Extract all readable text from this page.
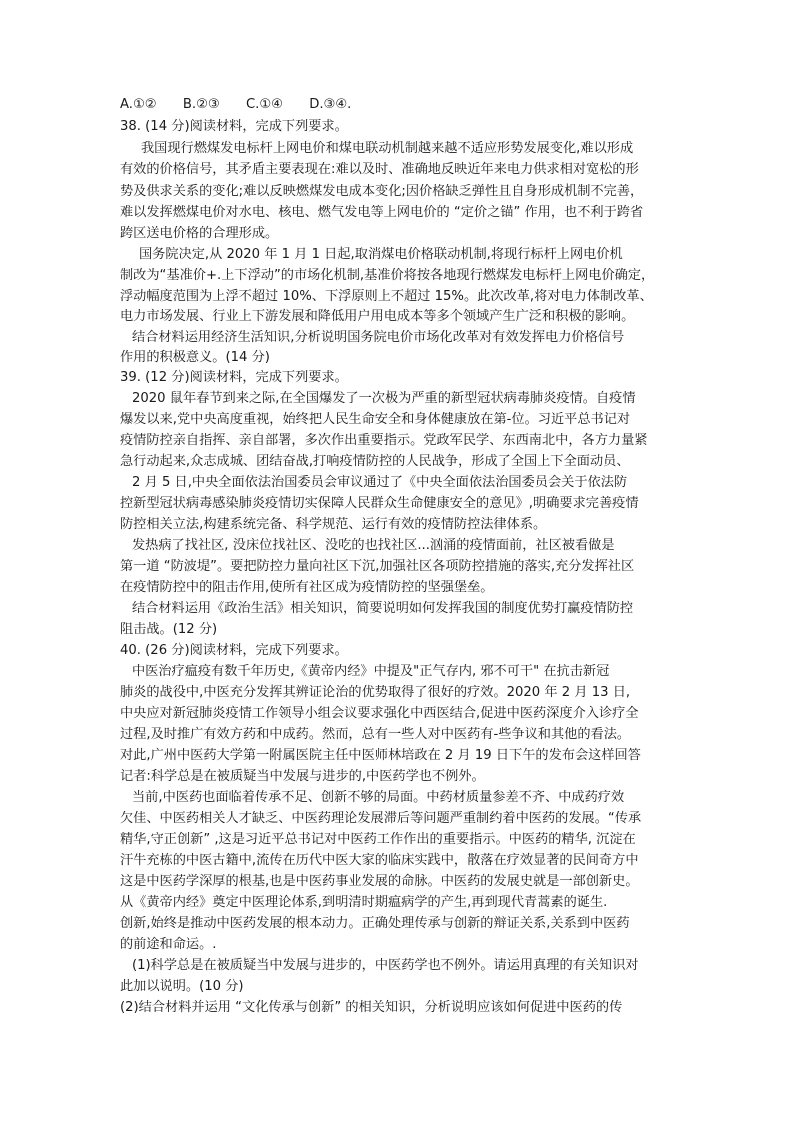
A.①② B.②③ C.①④ D.③④.
38. (14 分)阅读材料，完成下列要求。
我国现行燃煤发电标杆上网电价和煤电联动机制越来越不适应形势发展变化,难以形成
有效的价格信号，其矛盾主要表现在:难以及时、准确地反映近年来电力供求相对宽松的形
势及供求关系的变化;难以反映燃煤发电成本变化;因价格缺乏弹性且自身形成机制不完善，
难以发挥燃煤电价对水电、核电、燃气发电等上网电价的 “定价之锚” 作用，也不利于跨省
跨区送电价格的合理形成。
国务院决定,从 2020 年 1 月 1 日起,取消煤电价格联动机制,将现行标杆上网电价机
制改为“基准价+.上下浮动”的市场化机制,基准价将按各地现行燃煤发电标杆上网电价确定，
浮动幅度范围为上浮不超过 10%、下浮原则上不超过 15%。此次改革,将对电力体制改革、
电力市场发展、行业上下游发展和降低用户用电成本等多个领域产生广泛和积极的影响。
结合材料运用经济生活知识,分析说明国务院电价市场化改革对有效发挥电力价格信号
作用的积极意义。(14 分)
39. (12 分)阅读材料，完成下列要求。
2020 鼠年春节到来之际,在全国爆发了一次极为严重的新型冠状病毒肺炎疫情。自疫情
爆发以来,党中央高度重视，始终把人民生命安全和身体健康放在第-位。习近平总书记对
疫情防控亲自指挥、亲自部署，多次作出重要指示。党政军民学、东西南北中，各方力量紧
急行动起来,众志成城、团结奋战,打响疫情防控的人民战争，形成了全国上下全面动员、
2 月 5 日,中央全面依法治国委员会审议通过了《中央全面依法治国委员会关于依法防
控新型冠状病毒感染肺炎疫情切实保障人民群众生命健康安全的意见》,明确要求完善疫情
防控相关立法,构建系统完备、科学规范、运行有效的疫情防控法律体系。
发热病了找社区, 没床位找社区、没吃的也找社区...汹涌的疫情面前，社区被看做是
第一道 “防波堤”。要把防控力量向社区下沉,加强社区各项防控措施的落实,充分发挥社区
在疫情防控中的阻击作用,使所有社区成为疫情防控的坚强堡垒。
结合材料运用《政治生活》相关知识，简要说明如何发挥我国的制度优势打赢疫情防控
阻击战。(12 分)
40. (26 分)阅读材料，完成下列要求。
中医治疗瘟疫有数千年历史,《黄帝内经》中提及"正气存内, 邪不可干" 在抗击新冠
肺炎的战役中,中医充分发挥其辨证论治的优势取得了很好的疗效。2020 年 2 月 13 日,
中央应对新冠肺炎疫情工作领导小组会议要求强化中西医结合,促进中医药深度介入诊疗全
过程,及时推广有效方药和中成药。然而，总有一些人对中医药有-些争议和其他的看法。
对此,广州中医药大学第一附属医院主任中医师林培政在 2 月 19 日下午的发布会这样回答
记者:科学总是在被质疑当中发展与进步的,中医药学也不例外。
当前,中医药也面临着传承不足、创新不够的局面。中药材质量参差不齐、中成药疗效
欠佳、中医药相关人才缺乏、中医药理论发展滞后等问题严重制约着中医药的发展。“传承
精华,守正创新” ,这是习近平总书记对中医药工作作出的重要指示。中医药的精华, 沉淀在
汗牛充栋的中医古籍中,流传在历代中医大家的临床实践中，散落在疗效显著的民间奇方中
这是中医药学深厚的根基,也是中医药事业发展的命脉。中医药的发展史就是一部创新史。
从《黄帝内经》奠定中医理论体系,到明清时期瘟病学的产生,再到现代青蒿素的诞生.
创新,始终是推动中医药发展的根本动力。正确处理传承与创新的辩证关系,关系到中医药
的前途和命运。.
(1)科学总是在被质疑当中发展与进步的，中医药学也不例外。请运用真理的有关知识对
此加以说明。(10 分)
(2)结合材料并运用 “文化传承与创新” 的相关知识，分析说明应该如何促进中医药的传
